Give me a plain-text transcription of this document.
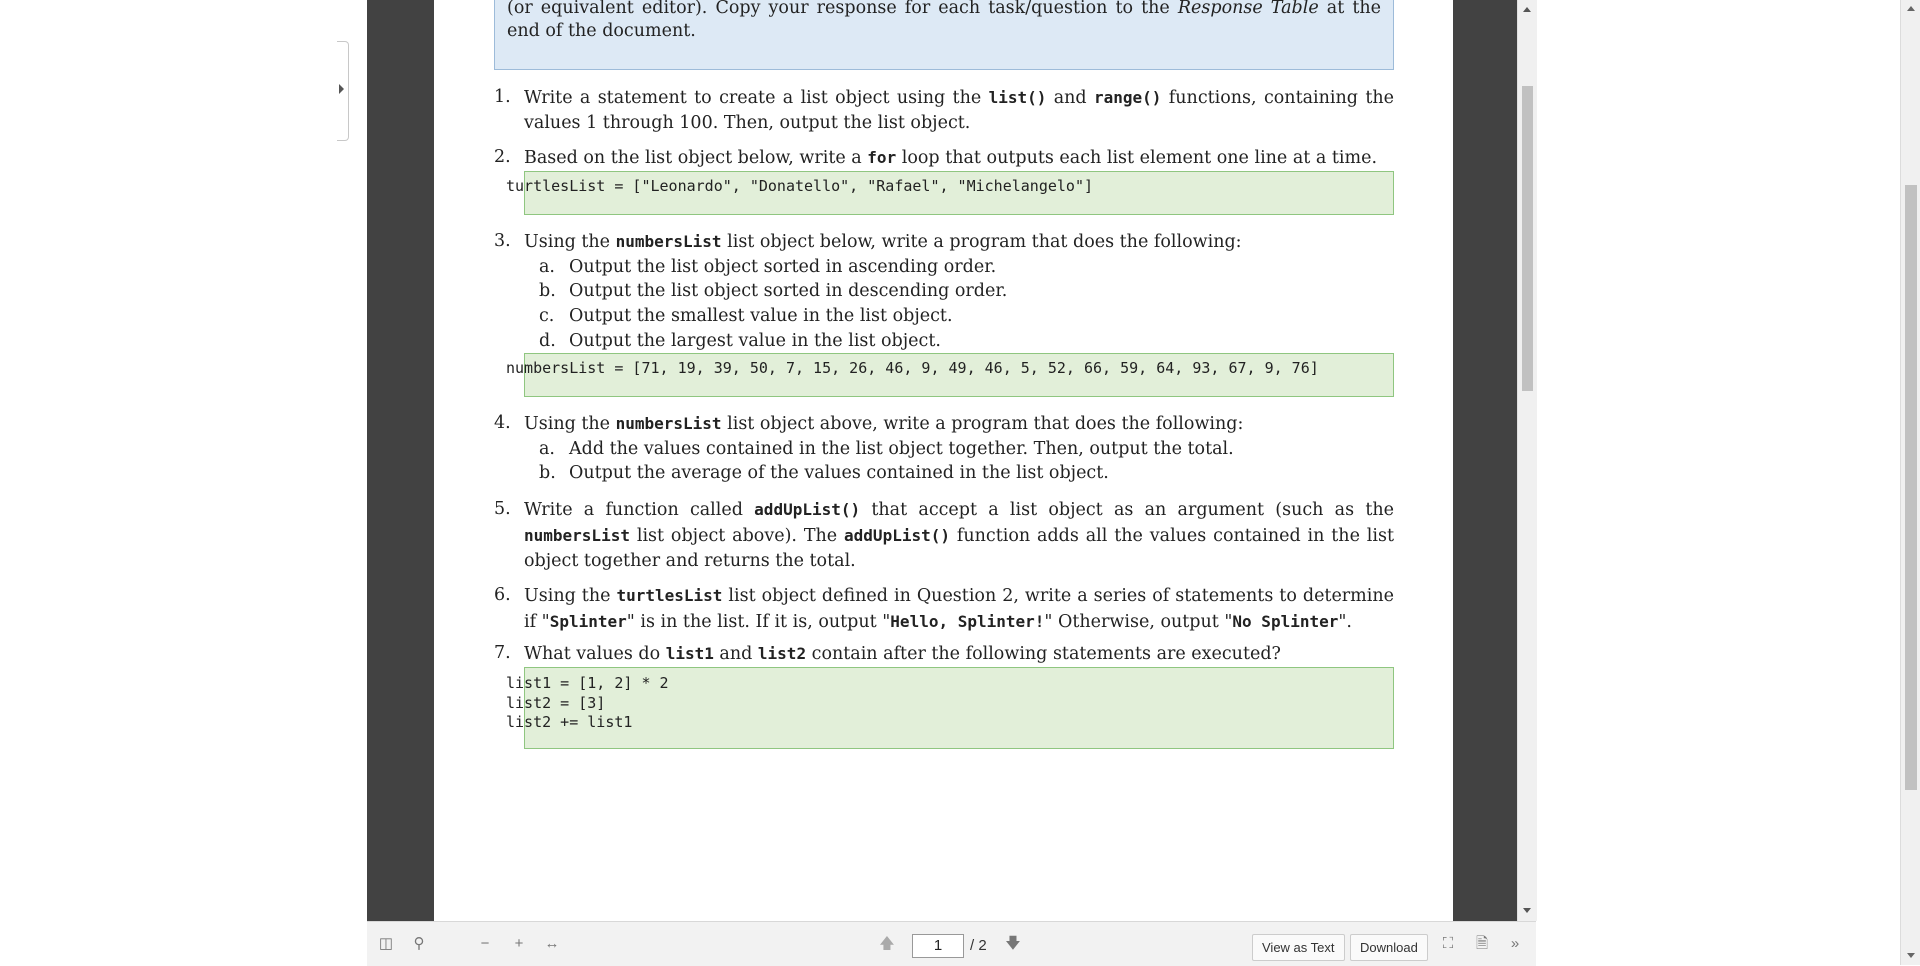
(or equivalent editor). Copy your response for each task/question to the Response Table at the end of the document.

1. Write a statement to create a list object using the list() and range() functions, containing the values 1 through 100. Then, output the list object.
2. Based on the list object below, write a for loop that outputs each list element one line at a time.
turtlesList = ["Leonardo", "Donatello", "Rafael", "Michelangelo"]
3. Using the numbersList list object below, write a program that does the following:
a. Output the list object sorted in ascending order.
b. Output the list object sorted in descending order.
c. Output the smallest value in the list object.
d. Output the largest value in the list object.
numbersList = [71, 19, 39, 50, 7, 15, 26, 46, 9, 49, 46, 5, 52, 66, 59, 64, 93, 67, 9, 76]
4. Using the numbersList list object above, write a program that does the following:
a. Add the values contained in the list object together. Then, output the total.
b. Output the average of the values contained in the list object.
5. Write a function called addUpList() that accept a list object as an argument (such as the numbersList list object above). The addUpList() function adds all the values contained in the list object together and returns the total.
6. Using the turtlesList list object defined in Question 2, write a series of statements to determine if "Splinter" is in the list. If it is, output "Hello, Splinter!" Otherwise, output "No Splinter".
7. What values do list1 and list2 contain after the following statements are executed?
list1 = [1, 2] * 2
list2 = [3]
list2 += list1
◫	⚲	−	+	↔	🡅	1	/ 2 🡇	View as Text	Download	⛶	🗎	»
